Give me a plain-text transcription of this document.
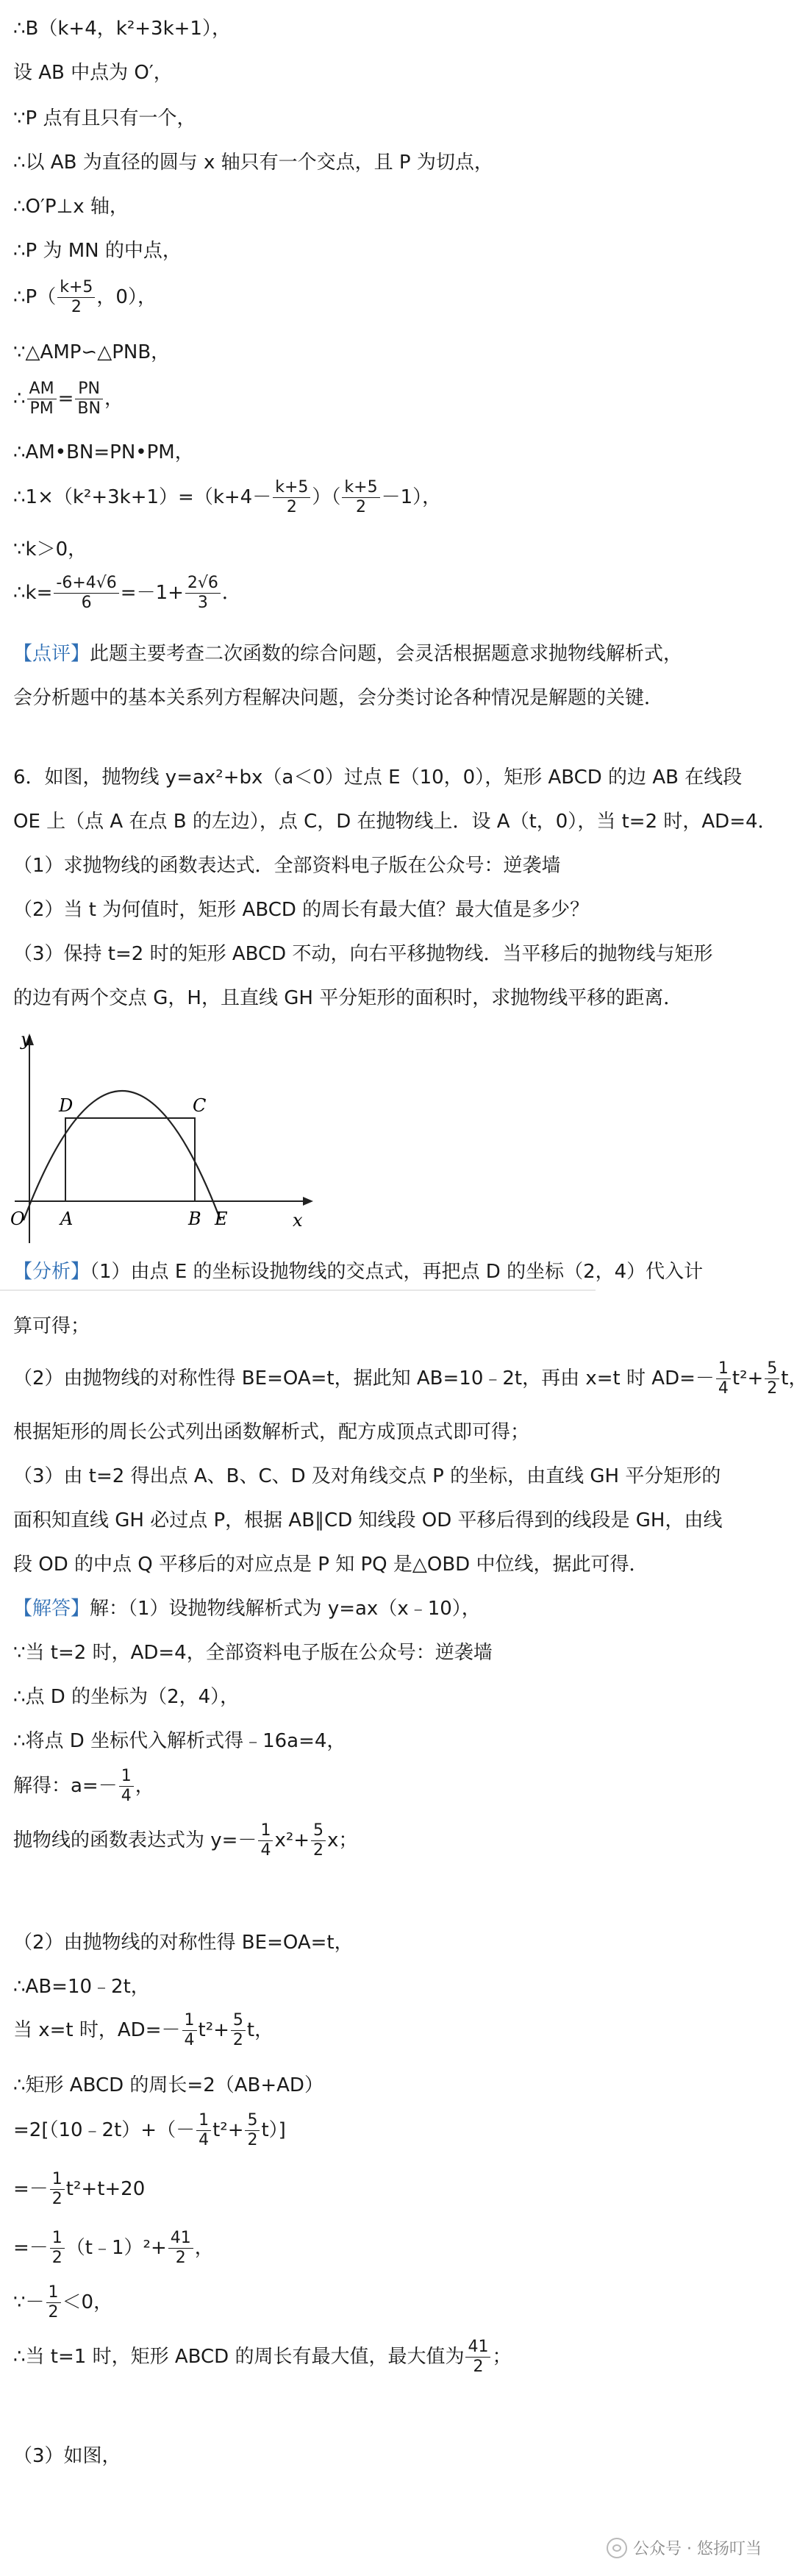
∴B（k+4，k²+3k+1），
设 AB 中点为 O′，
∵P 点有且只有一个，
∴以 AB 为直径的圆与 x 轴只有一个交点，且 P 为切点，
∴O′P⊥x 轴，
∴P 为 MN 的中点，
∴P（ $\frac{k+5}{2}$ ，0），
∵△AMP∽△PNB，
∴ $\frac{AM}{PM} = \frac{PN}{BN}$ ，
∴AM•BN=PN•PM，
∴1×（k²+3k+1）=（k+4－ $\frac{k+5}{2}$ ）（ $\frac{k+5}{2} -1$），
∵k＞0，
∴k= $\frac{-6+4√6}{6} =-1+ \frac{2√6}{3}$ ．
【点评】此题主要考查二次函数的综合问题，会灵活根据题意求抛物线解析式，
会分析题中的基本关系列方程解决问题，会分类讨论各种情况是解题的关键．
6．如图，抛物线 y=ax²+bx（a＜0）过点 E（10，0），矩形 ABCD 的边 AB 在线段
OE 上（点 A 在点 B 的左边），点 C，D 在抛物线上．设 A（t，0），当 t=2 时，AD=4．
（1）求抛物线的函数表达式．全部资料电子版在公众号：逆袭墙
（2）当 t 为何值时，矩形 ABCD 的周长有最大值？最大值是多少？
（3）保持 t=2 时的矩形 ABCD 不动，向右平移抛物线．当平移后的抛物线与矩形
的边有两个交点 G，H，且直线 GH 平分矩形的面积时，求抛物线平移的距离．
y
x
O A	B E
D	C
【分析】（1）由点 E 的坐标设抛物线的交点式，再把点 D 的坐标（2，4）代入计
算可得；
（2）由抛物线的对称性得 BE=OA=t，据此知 AB=10﹣2t，再由 x=t 时 $AD=- \frac{1}{4} t^2+ \frac{5}{2}$ t，
根据矩形的周长公式列出函数解析式，配方成顶点式即可得；
（3）由 t=2 得出点 A、B、C、D 及对角线交点 P 的坐标，由直线 GH 平分矩形的
面积知直线 GH 必过点 P，根据 AB∥CD 知线段 OD 平移后得到的线段是 GH，由线
段 OD 的中点 Q 平移后的对应点是 P 知 PQ 是△OBD 中位线，据此可得．
【解答】解：（1）设抛物线解析式为 y=ax（x﹣10），
∵当 t=2 时，AD=4，全部资料电子版在公众号：逆袭墙
∴点 D 的坐标为（2，4），
∴将点 D 坐标代入解析式得﹣16a=4，
解得：$a=- \frac{1}{4}$ ，
抛物线的函数表达式为 $y=- \frac{1}{4} x^2+ \frac{5}{2}$ x；
（2）由抛物线的对称性得 BE=OA=t，
∴AB=10﹣2t，
当 x=t 时，$AD=- \frac{1}{4} t^2+ \frac{5}{2}$ t，
∴矩形 ABCD 的周长=2（AB+AD）
=2[（10﹣2t）+（－ $\frac{1}{4} t^2+ \frac{5}{2} t$）]
=－ $\frac{1}{2} t^2+t+20$
=－ $\frac{1}{2}$ （t﹣1）²+ $\frac{41}{2}$ ，
∵－ $\frac{1}{2} <0$，
∴当 t=1 时，矩形 ABCD 的周长有最大值，最大值为 $\frac{41}{2}$ ；
（3）如图，
公众号 · 悠扬叮当
